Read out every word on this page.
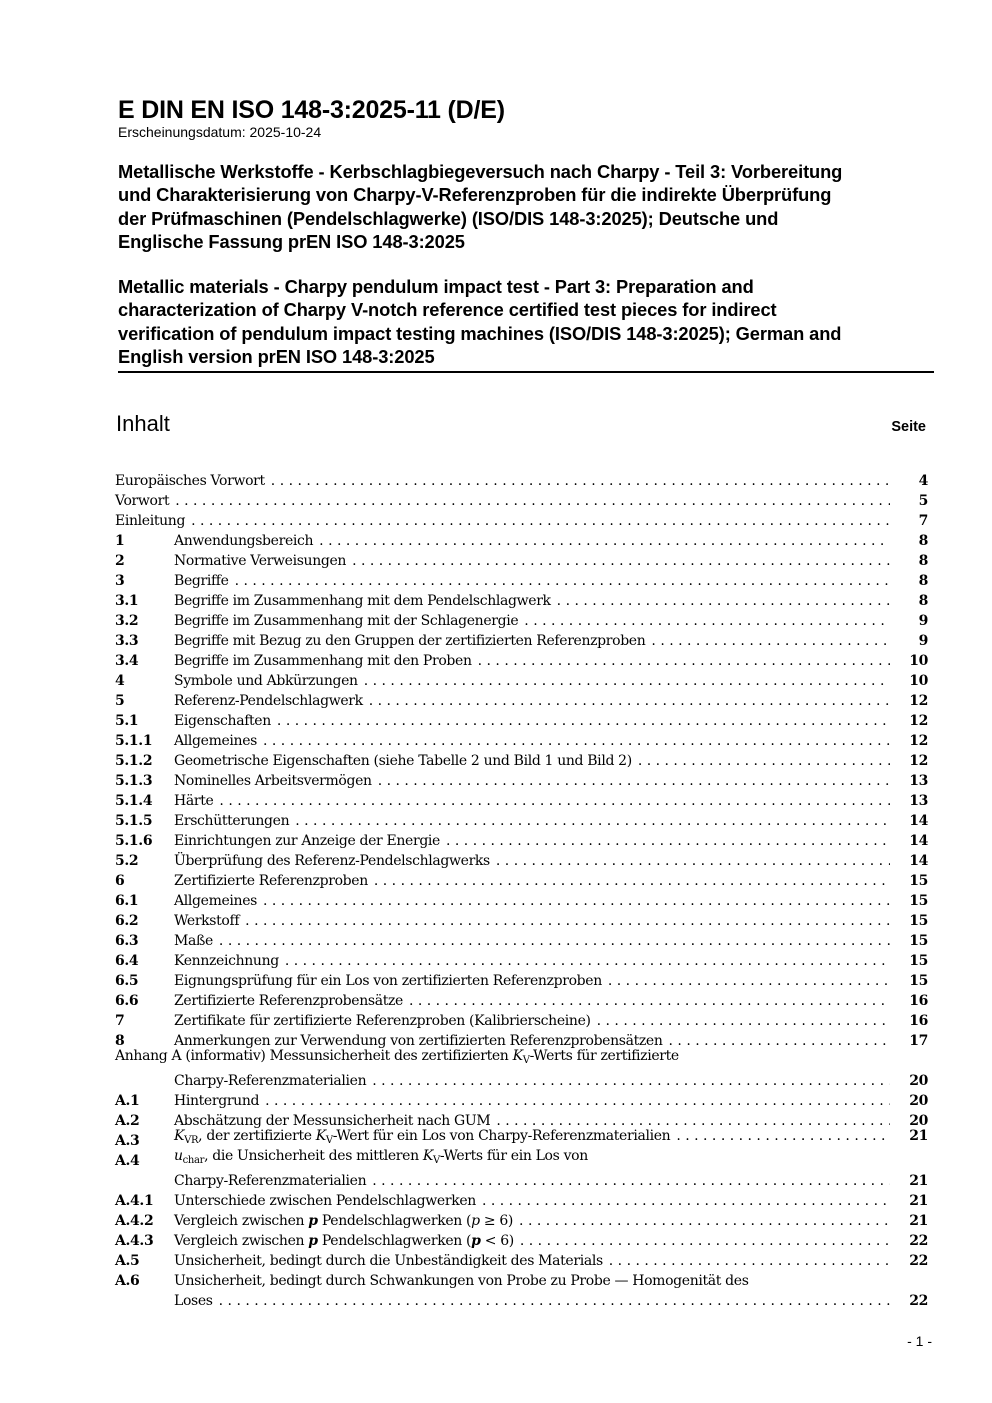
E DIN EN ISO 148-3:2025-11 (D/E)
Erscheinungsdatum: 2025-10-24
Metallische Werkstoffe - Kerbschlagbiegeversuch nach Charpy - Teil 3: Vorbereitung
und Charakterisierung von Charpy-V-Referenzproben für die indirekte Überprüfung
der Prüfmaschinen (Pendelschlagwerke) (ISO/DIS 148-3:2025); Deutsche und
Englische Fassung prEN ISO 148-3:2025
Metallic materials - Charpy pendulum impact test - Part 3: Preparation and
characterization of Charpy V-notch reference certified test pieces for indirect
verification of pendulum impact testing machines (ISO/DIS 148-3:2025); German and
English version prEN ISO 148-3:2025
Inhalt	Seite
Europäisches Vorwort . . .	4
Vorwort . . .	5
Einleitung . . .	7
1	Anwendungsbereich . . .	8
2	Normative Verweisungen . . .	8
3	Begriffe . . .	8
3.1	Begriffe im Zusammenhang mit dem Pendelschlagwerk . . .	8
3.2	Begriffe im Zusammenhang mit der Schlagenergie . . .	9
3.3	Begriffe mit Bezug zu den Gruppen der zertifizierten Referenzproben . . .	9
3.4	Begriffe im Zusammenhang mit den Proben . . .	10
4	Symbole und Abkürzungen . . .	10
5	Referenz-Pendelschlagwerk . . .	12
5.1	Eigenschaften . . .	12
5.1.1	Allgemeines . . .	12
5.1.2	Geometrische Eigenschaften (siehe Tabelle 2 und Bild 1 und Bild 2) . . .	12
5.1.3	Nominelles Arbeitsvermögen . . .	13
5.1.4	Härte . . .	13
5.1.5	Erschütterungen . . .	14
5.1.6	Einrichtungen zur Anzeige der Energie . . .	14
5.2	Überprüfung des Referenz-Pendelschlagwerks . . .	14
6	Zertifizierte Referenzproben . . .	15
6.1	Allgemeines . . .	15
6.2	Werkstoff . . .	15
6.3	Maße . . .	15
6.4	Kennzeichnung . . .	15
6.5	Eignungsprüfung für ein Los von zertifizierten Referenzproben . . .	15
6.6	Zertifizierte Referenzprobensätze . . .	16
7	Zertifikate für zertifizierte Referenzproben (Kalibrierscheine) . . .	16
8	Anmerkungen zur Verwendung von zertifizierten Referenzprobensätzen . . .	17
Anhang A (informativ) Messunsicherheit des zertifizierten $K_V$-Werts für zertifizierte
Charpy-Referenzmaterialien . . .	20
A.1	Hintergrund . . .	20
A.2	Abschätzung der Messunsicherheit nach GUM . . .	20
A.3	$K_{VR}$, der zertifizierte $K_V$-Wert für ein Los von Charpy-Referenzmaterialien . . .	21
A.4	$u_{char}$, die Unsicherheit des mittleren $K_V$-Werts für ein Los von
Charpy-Referenzmaterialien . . .	21
A.4.1	Unterschiede zwischen Pendelschlagwerken . . .	21
A.4.2	Vergleich zwischen p Pendelschlagwerken (p ≥ 6) . . .	21
A.4.3	Vergleich zwischen p Pendelschlagwerken (p < 6) . . .	22
A.5	Unsicherheit, bedingt durch die Unbeständigkeit des Materials . . .	22
A.6	Unsicherheit, bedingt durch Schwankungen von Probe zu Probe — Homogenität des
Loses . . .	22
- 1 -
